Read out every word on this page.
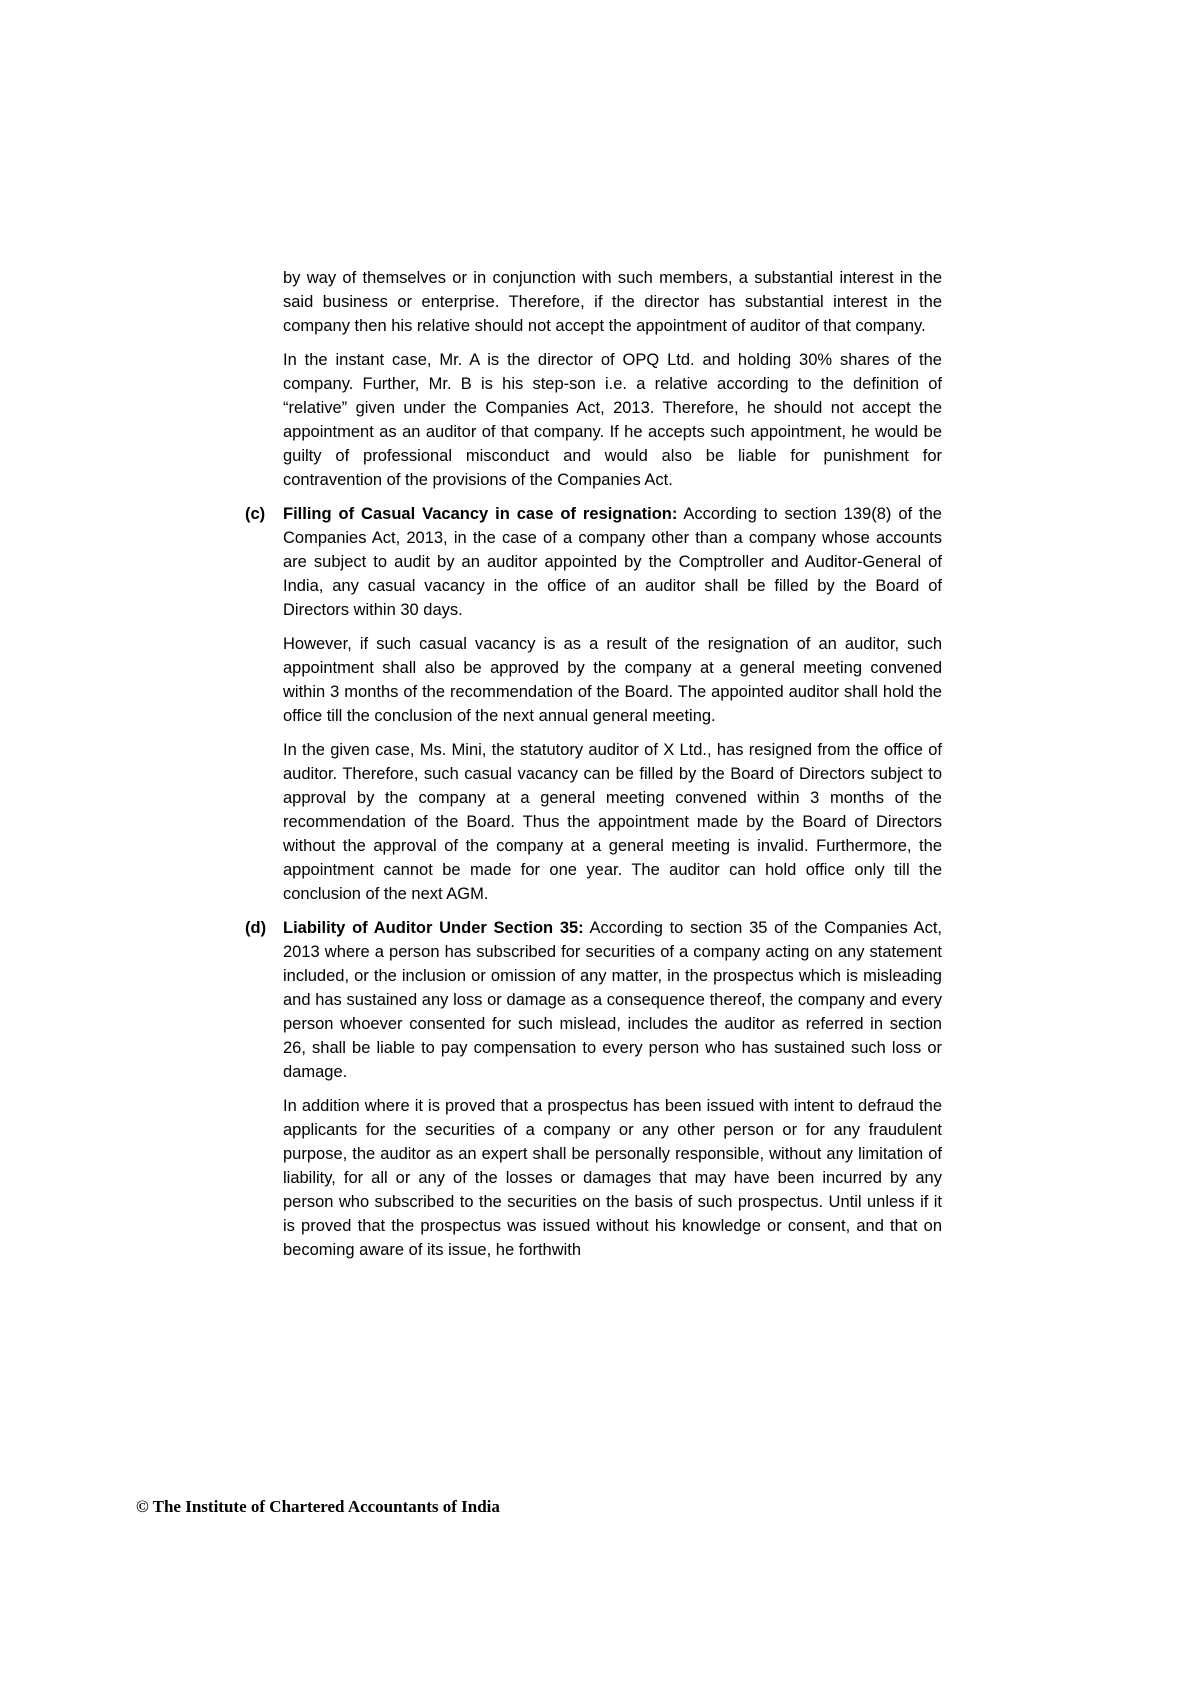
by way of themselves or in conjunction with such members, a substantial interest in the said business or enterprise. Therefore, if the director has substantial interest in the company then his relative should not accept the appointment of auditor of that company.

In the instant case, Mr. A is the director of OPQ Ltd. and holding 30% shares of the company. Further, Mr. B is his step-son i.e. a relative according to the definition of “relative” given under the Companies Act, 2013. Therefore, he should not accept the appointment as an auditor of that company. If he accepts such appointment, he would be guilty of professional misconduct and would also be liable for punishment for contravention of the provisions of the Companies Act.

(c)	Filling of Casual Vacancy in case of resignation: According to section 139(8) of the Companies Act, 2013, in the case of a company other than a company whose accounts are subject to audit by an auditor appointed by the Comptroller and Auditor-General of India, any casual vacancy in the office of an auditor shall be filled by the Board of Directors within 30 days.

However, if such casual vacancy is as a result of the resignation of an auditor, such appointment shall also be approved by the company at a general meeting convened within 3 months of the recommendation of the Board. The appointed auditor shall hold the office till the conclusion of the next annual general meeting.

In the given case, Ms. Mini, the statutory auditor of X Ltd., has resigned from the office of auditor. Therefore, such casual vacancy can be filled by the Board of Directors subject to approval by the company at a general meeting convened within 3 months of the recommendation of the Board. Thus the appointment made by the Board of Directors without the approval of the company at a general meeting is invalid. Furthermore, the appointment cannot be made for one year. The auditor can hold office only till the conclusion of the next AGM.

(d)	Liability of Auditor Under Section 35: According to section 35 of the Companies Act, 2013 where a person has subscribed for securities of a company acting on any statement included, or the inclusion or omission of any matter, in the prospectus which is misleading and has sustained any loss or damage as a consequence thereof, the company and every person whoever consented for such mislead, includes the auditor as referred in section 26, shall be liable to pay compensation to every person who has sustained such loss or damage.

In addition where it is proved that a prospectus has been issued with intent to defraud the applicants for the securities of a company or any other person or for any fraudulent purpose, the auditor as an expert shall be personally responsible, without any limitation of liability, for all or any of the losses or damages that may have been incurred by any person who subscribed to the securities on the basis of such prospectus. Until unless if it is proved that the prospectus was issued without his knowledge or consent, and that on becoming aware of its issue, he forthwith

© The Institute of Chartered Accountants of India
